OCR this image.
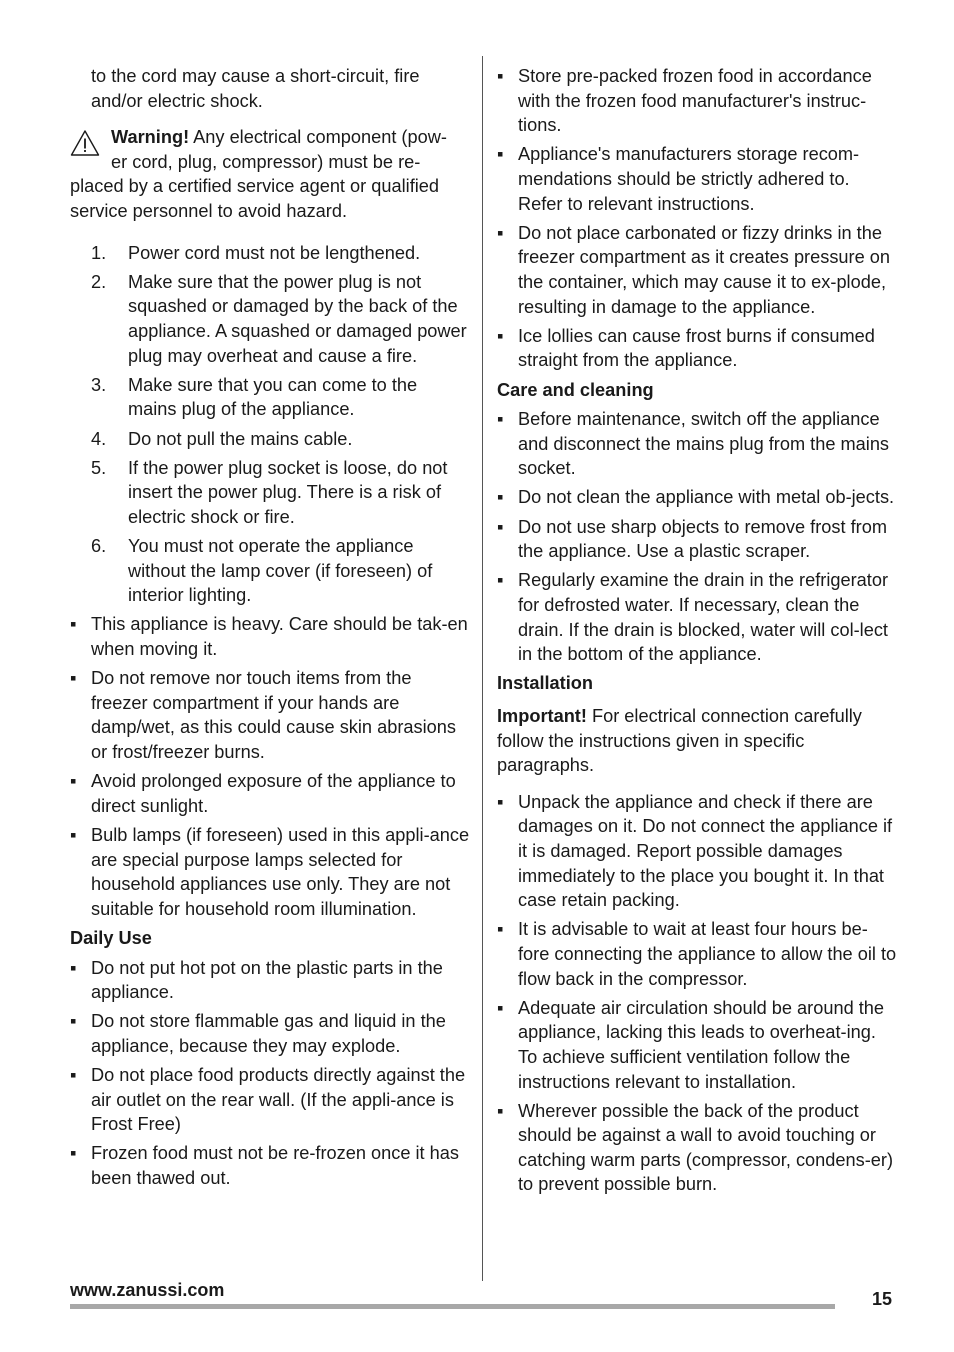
to the cord may cause a short-circuit, fire and/or electric shock.

Warning! Any electrical component (pow-
er cord, plug, compressor) must be re-
placed by a certified service agent or qualified service personnel to avoid hazard.

1. Power cord must not be lengthened.
2. Make sure that the power plug is not squashed or damaged by the back of the appliance. A squashed or damaged power plug may overheat and cause a fire.
3. Make sure that you can come to the mains plug of the appliance.
4. Do not pull the mains cable.
5. If the power plug socket is loose, do not insert the power plug. There is a risk of electric shock or fire.
6. You must not operate the appliance without the lamp cover (if foreseen) of interior lighting.
▪ This appliance is heavy. Care should be tak-en when moving it.
▪ Do not remove nor touch items from the freezer compartment if your hands are damp/wet, as this could cause skin abrasions or frost/freezer burns.
▪ Avoid prolonged exposure of the appliance to direct sunlight.
▪ Bulb lamps (if foreseen) used in this appli-ance are special purpose lamps selected for household appliances use only. They are not suitable for household room illumination.

Daily Use

▪ Do not put hot pot on the plastic parts in the appliance.
▪ Do not store flammable gas and liquid in the appliance, because they may explode.
▪ Do not place food products directly against the air outlet on the rear wall. (If the appli-ance is Frost Free)
▪ Frozen food must not be re-frozen once it has been thawed out.
▪ Store pre-packed frozen food in accordance with the frozen food manufacturer's instruc-tions.
▪ Appliance's manufacturers storage recom-mendations should be strictly adhered to. Refer to relevant instructions.
▪ Do not place carbonated or fizzy drinks in the freezer compartment as it creates pressure on the container, which may cause it to ex-plode, resulting in damage to the appliance.
▪ Ice lollies can cause frost burns if consumed straight from the appliance.

Care and cleaning

▪ Before maintenance, switch off the appliance and disconnect the mains plug from the mains socket.
▪ Do not clean the appliance with metal ob-jects.
▪ Do not use sharp objects to remove frost from the appliance. Use a plastic scraper.
▪ Regularly examine the drain in the refrigerator for defrosted water. If necessary, clean the drain. If the drain is blocked, water will col-lect in the bottom of the appliance.

Installation

Important! For electrical connection carefully follow the instructions given in specific paragraphs.

▪ Unpack the appliance and check if there are damages on it. Do not connect the appliance if it is damaged. Report possible damages immediately to the place you bought it. In that case retain packing.
▪ It is advisable to wait at least four hours be-fore connecting the appliance to allow the oil to flow back in the compressor.
▪ Adequate air circulation should be around the appliance, lacking this leads to overheat-ing. To achieve sufficient ventilation follow the instructions relevant to installation.
▪ Wherever possible the back of the product should be against a wall to avoid touching or catching warm parts (compressor, condens-er) to prevent possible burn.
www.zanussi.com	15
